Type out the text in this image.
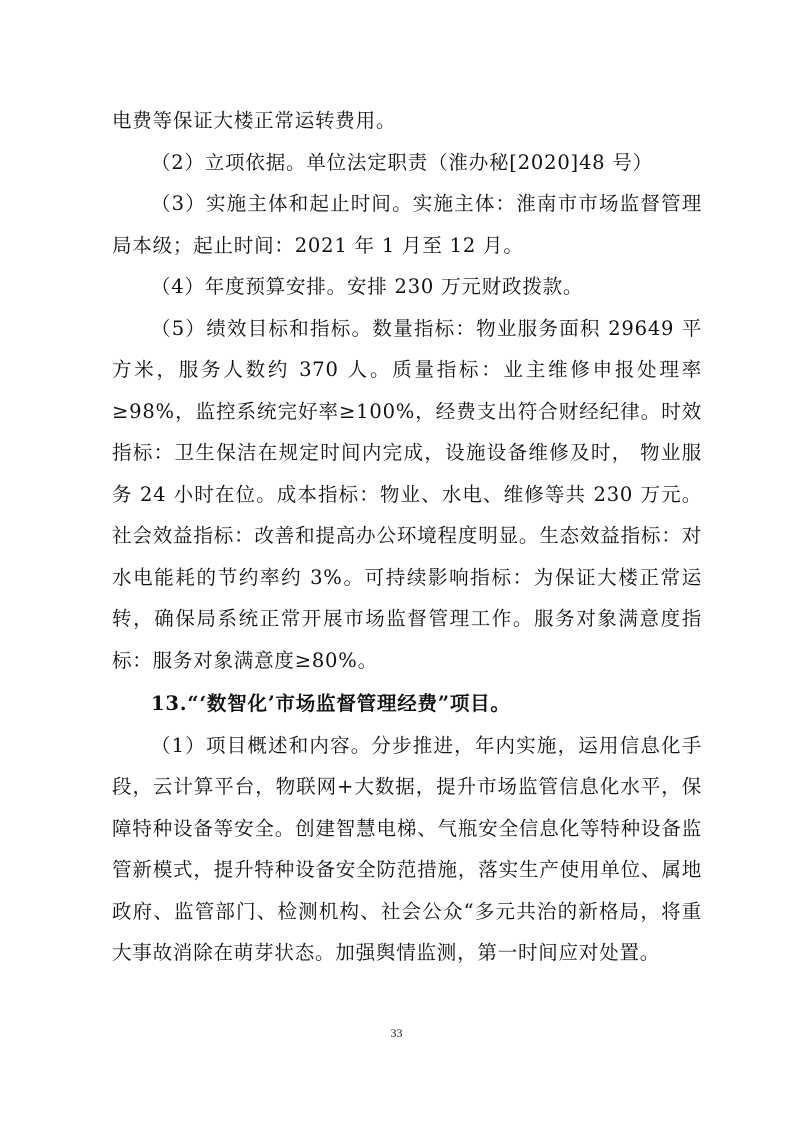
电费等保证大楼正常运转费用。

（2）立项依据。单位法定职责（淮办秘[2020]48 号）

（3）实施主体和起止时间。实施主体：淮南市市场监督管理局本级；起止时间：2021 年 1 月至 12 月。

（4）年度预算安排。安排 230 万元财政拨款。

（5）绩效目标和指标。数量指标：物业服务面积 29649 平方米，服务人数约 370 人。质量指标：业主维修申报处理率≥98%，监控系统完好率≥100%，经费支出符合财经纪律。时效指标：卫生保洁在规定时间内完成，设施设备维修及时， 物业服务 24 小时在位。成本指标：物业、水电、维修等共 230 万元。社会效益指标：改善和提高办公环境程度明显。生态效益指标：对水电能耗的节约率约 3%。可持续影响指标：为保证大楼正常运转，确保局系统正常开展市场监督管理工作。服务对象满意度指标：服务对象满意度≥80%。

13.“‘数智化’市场监督管理经费”项目。

（1）项目概述和内容。分步推进，年内实施，运用信息化手段，云计算平台，物联网+大数据，提升市场监管信息化水平，保障特种设备等安全。创建智慧电梯、气瓶安全信息化等特种设备监管新模式，提升特种设备安全防范措施，落实生产使用单位、属地政府、监管部门、检测机构、社会公众“多元共治的新格局，将重大事故消除在萌芽状态。加强舆情监测，第一时间应对处置。

33
